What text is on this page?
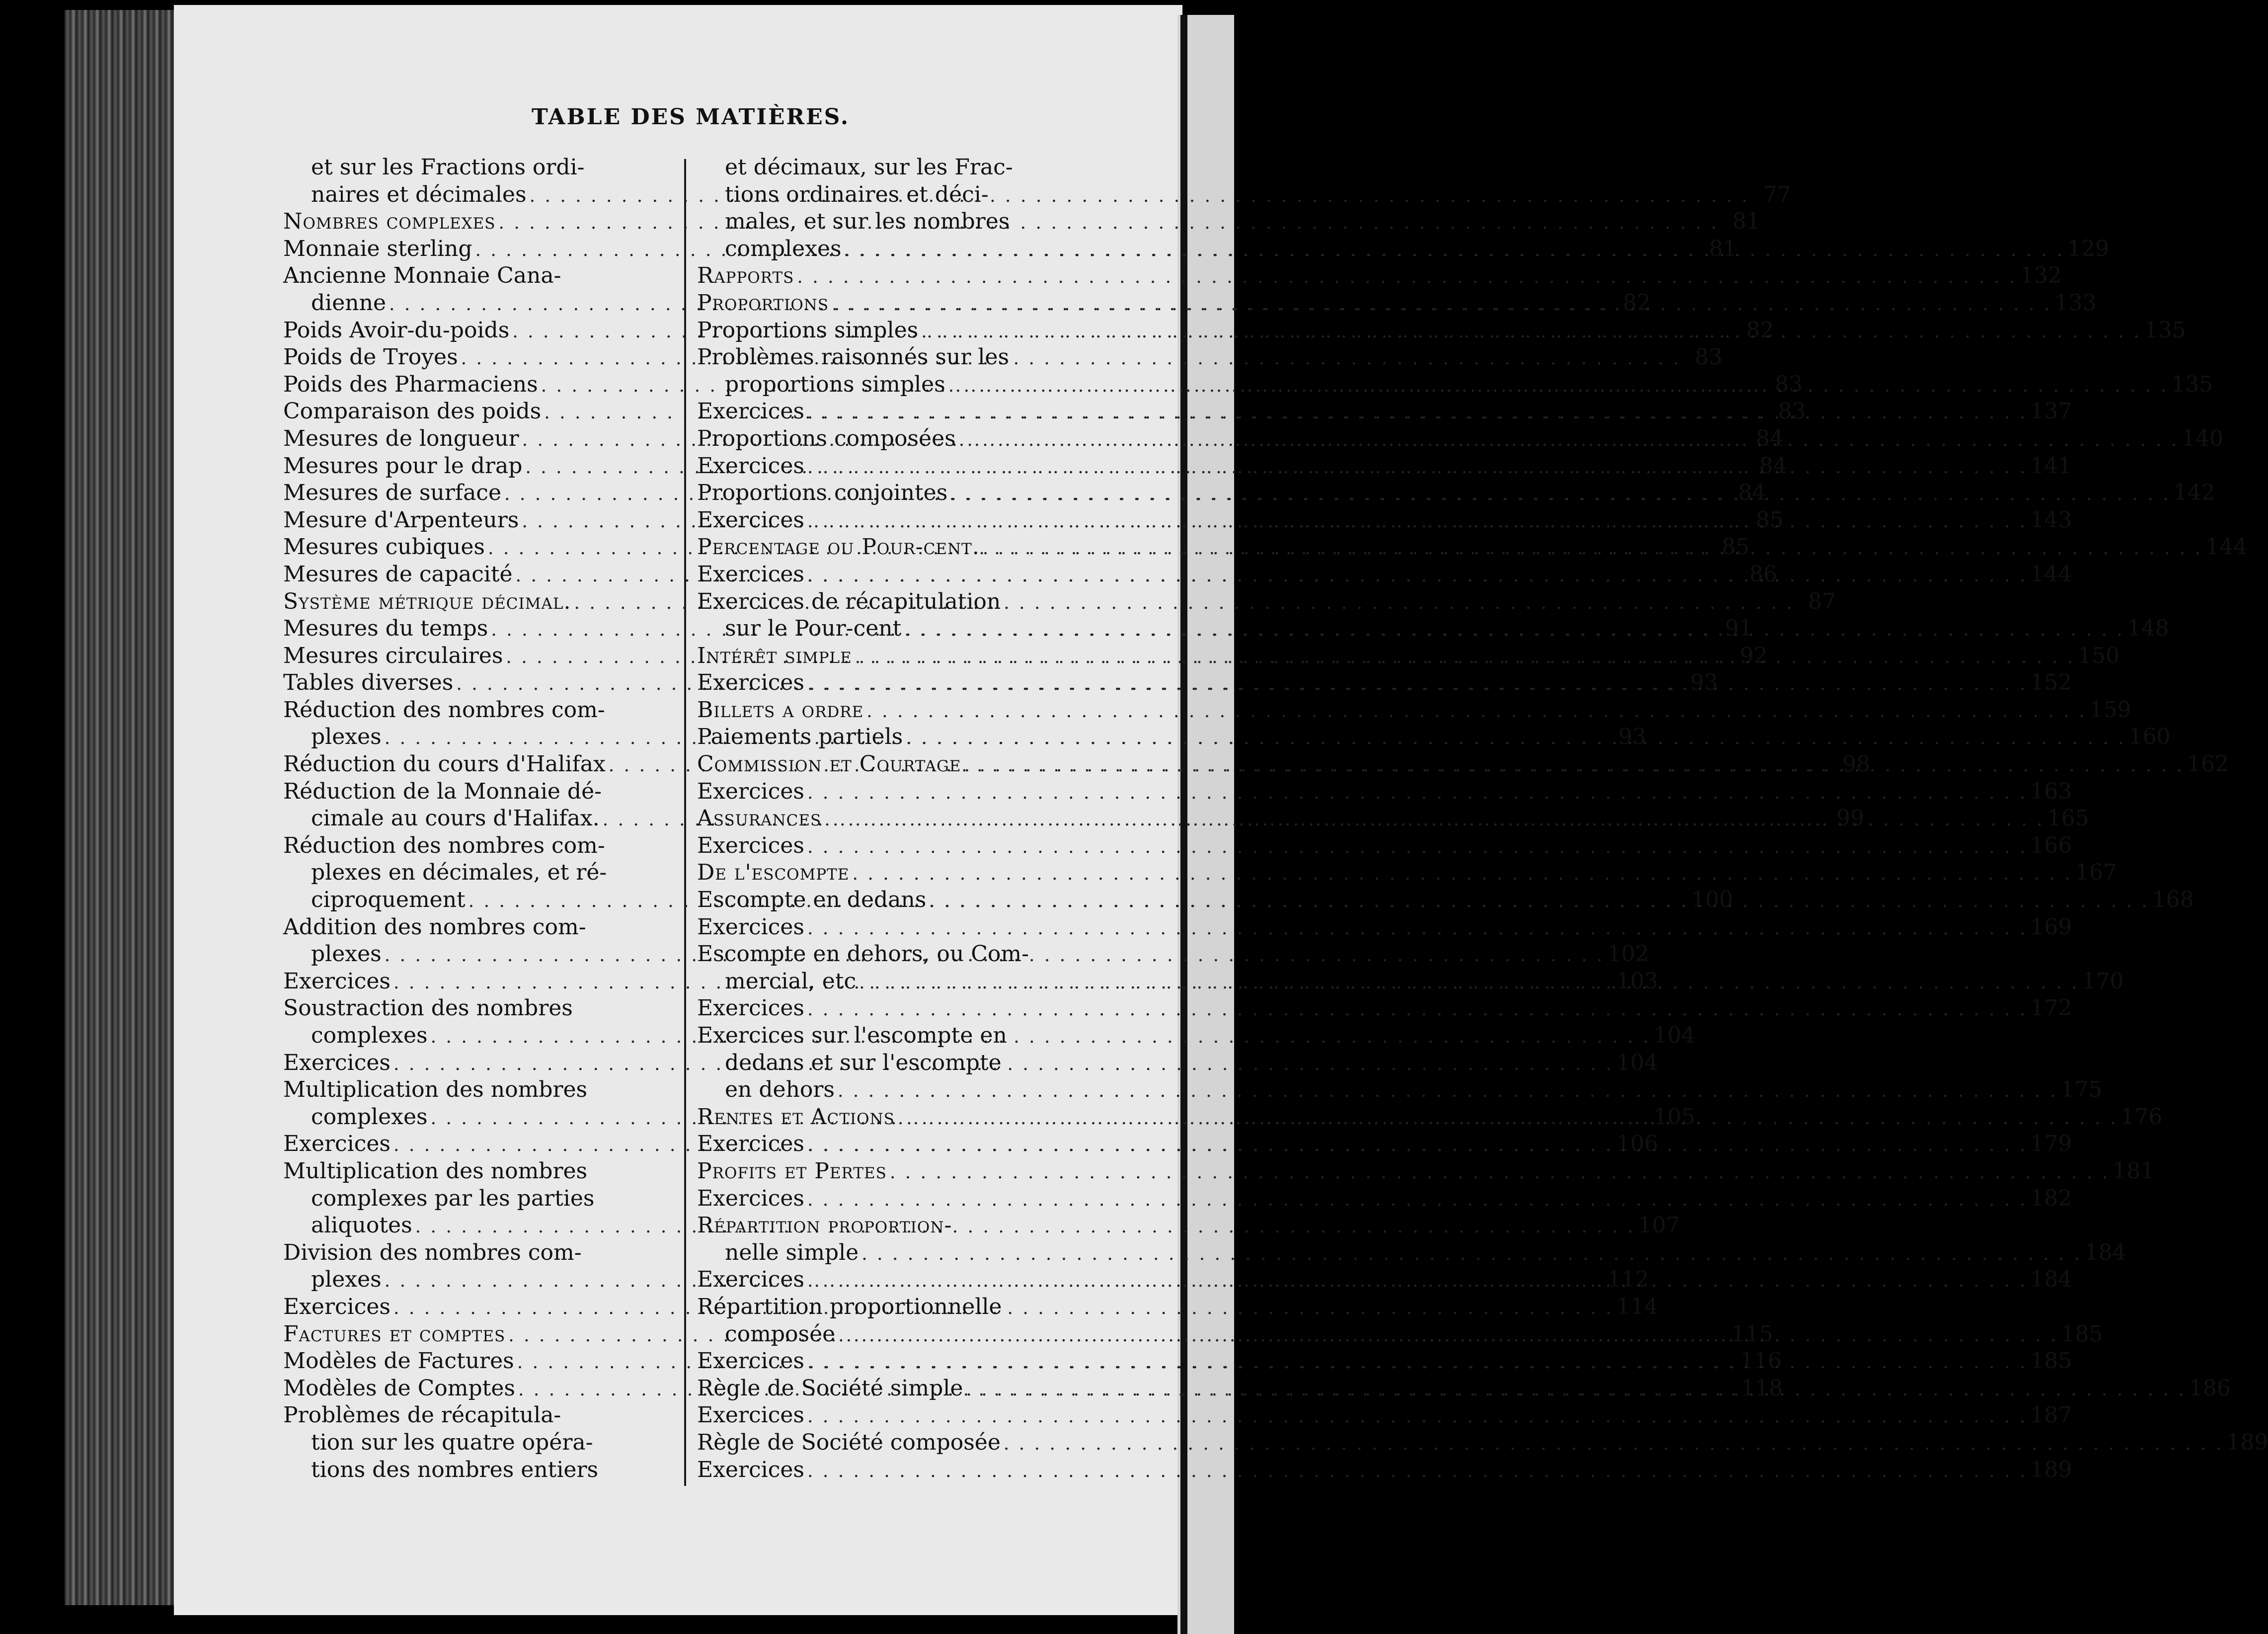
TABLE DES MATIÈRES.
et sur les Fractions ordi-
naires et décimales . . .	77
Nombres complexes . . .	81
Monnaie sterling . . .	81
Ancienne Monnaie Cana-
dienne . . .	82
Poids Avoir-du-poids . . .	82
Poids de Troyes . . .	83
Poids des Pharmaciens . . .	83
Comparaison des poids . . .	83
Mesures de longueur . . .	84
Mesures pour le drap . . .	84
Mesures de surface . . .	84
Mesure d'Arpenteurs . . .	85
Mesures cubiques . . .	85
Mesures de capacité . . .	86
Système métrique décimal. . . .	87
Mesures du temps . . .	91
Mesures circulaires . . .	92
Tables diverses . . .	93
Réduction des nombres com-
plexes . . .	93
Réduction du cours d'Halifax . . .	98
Réduction de la Monnaie dé-
cimale au cours d'Halifax. . . .	99
Réduction des nombres com-
plexes en décimales, et ré-
ciproquement . . .	100
Addition des nombres com-
plexes . . .	102
Exercices . . .	103
Soustraction des nombres
complexes . . .	104
Exercices . . .	104
Multiplication des nombres
complexes . . .	105
Exercices . . .	106
Multiplication des nombres
complexes par les parties
aliquotes . . .	107
Division des nombres com-
plexes . . .	112
Exercices . . .	114
Factures et comptes . . .	115
Modèles de Factures . . .	116
Modèles de Comptes . . .	118
Problèmes de récapitula-
tion sur les quatre opéra-
tions des nombres entiers
et décimaux, sur les Frac-
tions ordinaires et déci-
males, et sur les nombres
complexes . . .	129
Rapports . . .	132
Proportions . . .	133
Proportions simples . . .	135
Problèmes raisonnés sur les
proportions simples . . .	135
Exercices . . .	137
Proportions composées . . .	140
Exercices . . .	141
Proportions conjointes . . .	142
Exercices . . .	143
Percentage ou Pour-cent. . . .	144
Exercices . . .	144
Exercices de récapitulation
sur le Pour-cent . . .	148
Intérêt simple . . .	150
Exercices . . .	152
Billets a ordre . . .	159
Paiements partiels . . .	160
Commission et Courtage . . .	162
Exercices . . .	163
Assurances . . .	165
Exercices . . .	166
De l'escompte . . .	167
Escompte en dedans . . .	168
Exercices . . .	169
Escompte en dehors, ou Com-
mercial, etc . . .	170
Exercices . . .	172
Exercices sur l'escompte en
dedans et sur l'escompte
en dehors . . .	175
Rentes et Actions . . .	176
Exercices . . .	179
Profits et Pertes . . .	181
Exercices . . .	182
Répartition proportion-
nelle simple . . .	184
Exercices . . .	184
Répartition proportionnelle
composée . . .	185
Exercices . . .	185
Règle de Société simple . . .	186
Exercices . . .	187
Règle de Société composée . . .	189
Exercices . . .	189
